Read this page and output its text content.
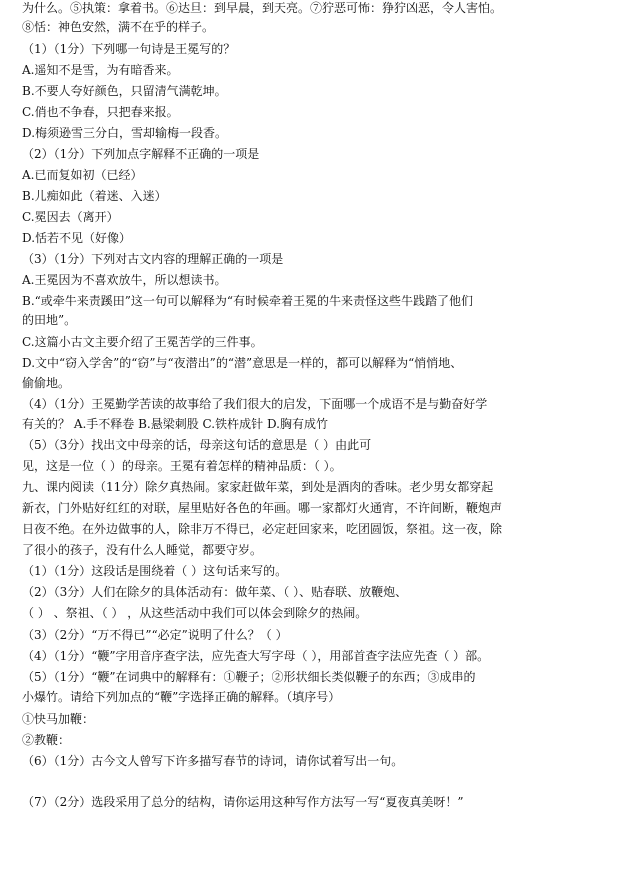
为什么。⑤执策：拿着书。⑥达旦：到早晨，到天亮。⑦狞恶可怖：狰狞凶恶，令人害怕。
⑧恬：神色安然，满不在乎的样子。
（1）（1分）下列哪一句诗是王冕写的？
A.遥知不是雪，为有暗香来。
B.不要人夸好颜色，只留清气满乾坤。
C.俏也不争春，只把春来报。
D.梅须逊雪三分白，雪却输梅一段香。
（2）（1分）下列加点字解释不正确的一项是
A.已而复如初（已经）
B.儿痴如此（着迷、入迷）
C.冕因去（离开）
D.恬若不见（好像）
（3）（1分）下列对古文内容的理解正确的一项是
A.王冕因为不喜欢放牛，所以想读书。
B.“或牵牛来责蹊田”这一句可以解释为“有时候牵着王冕的牛来责怪这些牛践踏了他们
的田地”。
C.这篇小古文主要介绍了王冕苦学的三件事。
D.文中“窃入学舍”的“窃”与“夜潜出”的“潜”意思是一样的，都可以解释为“悄悄地、
偷偷地。
（4）（1分）王冕勤学苦读的故事给了我们很大的启发，下面哪一个成语不是与勤奋好学
有关的？ A.手不释卷 B.悬梁刺股 C.铁杵成针 D.胸有成竹
（5）（3分）找出文中母亲的话，母亲这句话的意思是（ ）由此可
见，这是一位（ ）的母亲。王冕有着怎样的精神品质：（ ）。
九、课内阅读（11分）除夕真热闹。家家赶做年菜，到处是酒肉的香味。老少男女都穿起
新衣，门外贴好红红的对联，屋里贴好各色的年画。哪一家都灯火通宵，不许间断，鞭炮声
日夜不绝。在外边做事的人，除非万不得已，必定赶回家来，吃团圆饭，祭祖。这一夜，除
了很小的孩子，没有什么人睡觉，都要守岁。
（1）（1分）这段话是围绕着（ ）这句话来写的。
（2）（3分）人们在除夕的具体活动有：做年菜、（ ）、贴春联、放鞭炮、
（ ） 、祭祖、（ ） ，从这些活动中我们可以体会到除夕的热闹。
（3）（2分）“万不得已”“必定”说明了什么？（ ）
（4）（1分）“鞭”字用音序查字法，应先查大写字母（ ），用部首查字法应先查（ ）部。
（5）（1分）“鞭”在词典中的解释有：①鞭子；②形状细长类似鞭子的东西；③成串的
小爆竹。请给下列加点的“鞭”字选择正确的解释。（填序号）
①快马加鞭：
②教鞭：
（6）（1分）古今文人曾写下许多描写春节的诗词，请你试着写出一句。
（7）（2分）选段采用了总分的结构，请你运用这种写作方法写一写“夏夜真美呀！”
